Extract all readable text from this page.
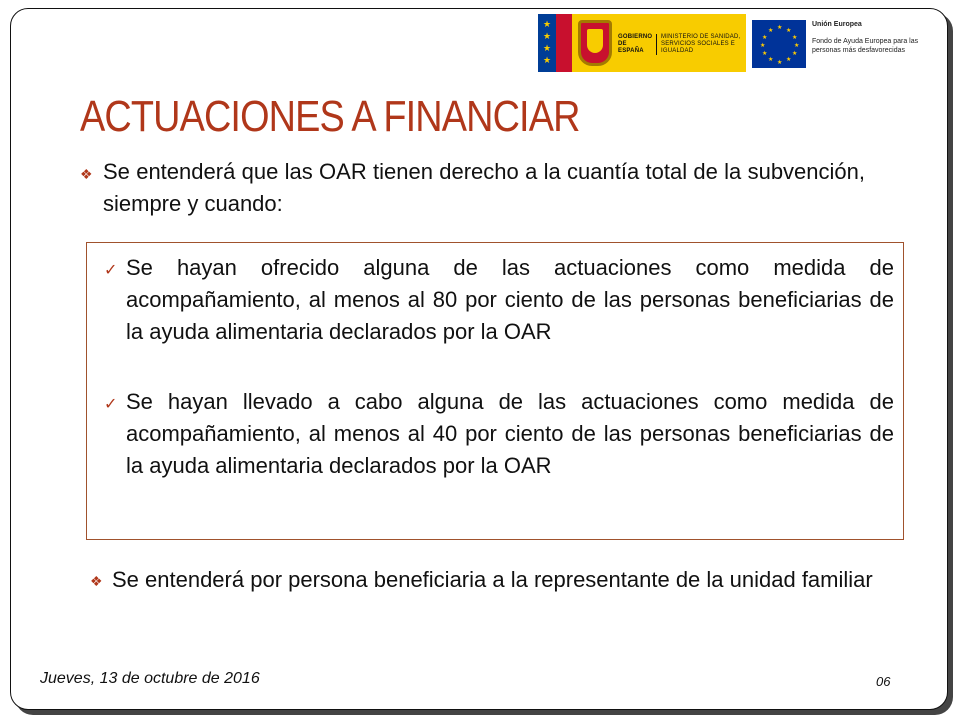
★
★
★
★
GOBIERNO DE ESPAÑA
MINISTERIO DE SANIDAD, SERVICIOS SOCIALES E IGUALDAD
★ ★
★
★
★
★
★
★
★
★
★
★
Unión Europea
Fondo de Ayuda Europea para las personas más desfavorecidas
ACTUACIONES A FINANCIAR
❖ Se entenderá que las OAR tienen derecho a la cuantía total de la subvención, siempre y cuando:
✓ Se hayan ofrecido alguna de las actuaciones como medida de acompañamiento, al menos al 80 por ciento de las personas beneficiarias de la ayuda alimentaria declarados por la OAR
✓ Se hayan llevado a cabo alguna de las actuaciones como medida de acompañamiento, al menos al 40 por ciento de las personas beneficiarias de la ayuda alimentaria declarados por la OAR
❖ Se entenderá por persona beneficiaria a la representante de la unidad familiar
Jueves, 13 de octubre de 2016	06
